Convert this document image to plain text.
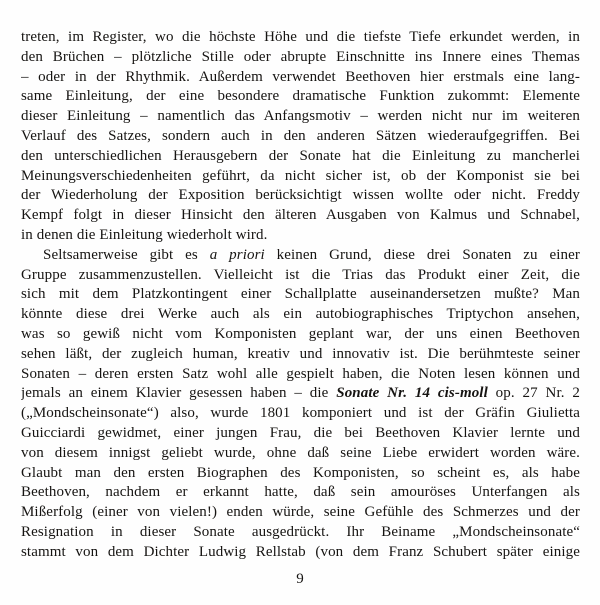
treten, im Register, wo die höchste Höhe und die tiefste Tiefe erkundet werden, in
den Brüchen – plötzliche Stille oder abrupte Einschnitte ins Innere eines Themas
– oder in der Rhythmik. Außerdem verwendet Beethoven hier erstmals eine lang-
same Einleitung, der eine besondere dramatische Funktion zukommt: Elemente
dieser Einleitung – namentlich das Anfangsmotiv – werden nicht nur im weiteren
Verlauf des Satzes, sondern auch in den anderen Sätzen wiederaufgegriffen. Bei
den unterschiedlichen Herausgebern der Sonate hat die Einleitung zu mancherlei
Meinungsverschiedenheiten geführt, da nicht sicher ist, ob der Komponist sie bei
der Wiederholung der Exposition berücksichtigt wissen wollte oder nicht. Freddy
Kempf folgt in dieser Hinsicht den älteren Ausgaben von Kalmus und Schnabel,
in denen die Einleitung wiederholt wird.
Seltsamerweise gibt es a priori keinen Grund, diese drei Sonaten zu einer
Gruppe zusammenzustellen. Vielleicht ist die Trias das Produkt einer Zeit, die
sich mit dem Platzkontingent einer Schallplatte auseinandersetzen mußte? Man
könnte diese drei Werke auch als ein autobiographisches Triptychon ansehen,
was so gewiß nicht vom Komponisten geplant war, der uns einen Beethoven
sehen läßt, der zugleich human, kreativ und innovativ ist. Die berühmteste seiner
Sonaten – deren ersten Satz wohl alle gespielt haben, die Noten lesen können und
jemals an einem Klavier gesessen haben – die Sonate Nr. 14 cis-moll op. 27 Nr. 2
(„Mondscheinsonate“) also, wurde 1801 komponiert und ist der Gräfin Giulietta
Guicciardi gewidmet, einer jungen Frau, die bei Beethoven Klavier lernte und
von diesem innigst geliebt wurde, ohne daß seine Liebe erwidert worden wäre.
Glaubt man den ersten Biographen des Komponisten, so scheint es, als habe
Beethoven, nachdem er erkannt hatte, daß sein amouröses Unterfangen als
Mißerfolg (einer von vielen!) enden würde, seine Gefühle des Schmerzes und der
Resignation in dieser Sonate ausgedrückt. Ihr Beiname „Mondscheinsonate“
stammt von dem Dichter Ludwig Rellstab (von dem Franz Schubert später einige
9
